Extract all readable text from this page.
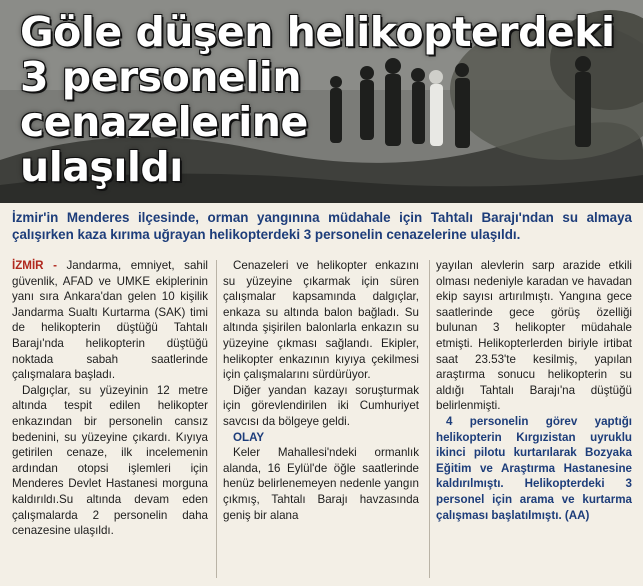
Göle düşen helikopterdeki
3 personelin
cenazelerine
ulaşıldı
İzmir'in Menderes ilçesinde, orman yangınına müdahale için Tahtalı Barajı'ndan su almaya çalışırken kaza kırıma uğrayan helikopterdeki 3 personelin cenazelerine ulaşıldı.

İZMİR - Jandarma, emniyet, sahil güvenlik, AFAD ve UMKE ekiplerinin yanı sıra Ankara'dan gelen 10 kişilik Jandarma Sualtı Kurtarma (SAK) timi de helikopterin düştüğü Tahtalı Barajı'nda helikopterin düştüğü noktada sabah saatlerinde çalışmalara başladı.

Dalgıçlar, su yüzeyinin 12 metre altında tespit edilen helikopter enkazından bir personelin cansız bedenini, su yüzeyine çıkardı. Kıyıya getirilen cenaze, ilk incelemenin ardından otopsi işlemleri için Menderes Devlet Hastanesi morguna kaldırıldı.Su altında devam eden çalışmalarda 2 personelin daha cenazesine ulaşıldı.

Cenazeleri ve helikopter enkazını su yüzeyine çıkarmak için süren çalışmalar kapsamında dalgıçlar, enkaza su altında balon bağladı. Su altında şişirilen balonlarla enkazın su yüzeyine çıkması sağlandı. Ekipler, helikopter enkazının kıyıya çekilmesi için çalışmalarını sürdürüyor.

Diğer yandan kazayı soruşturmak için görevlendirilen iki Cumhuriyet savcısı da bölgeye geldi.

OLAY

Keler Mahallesi'ndeki ormanlık alanda, 16 Eylül'de öğle saatlerinde henüz belirlenemeyen nedenle yangın çıkmış, Tahtalı Barajı havzasında geniş bir alana

yayılan alevlerin sarp arazide etkili olması nedeniyle karadan ve havadan ekip sayısı artırılmıştı. Yangına gece saatlerinde gece görüş özelliği bulunan 3 helikopter müdahale etmişti. Helikopterlerden biriyle irtibat saat 23.53'te kesilmiş, yapılan araştırma sonucu helikopterin su aldığı Tahtalı Barajı'na düştüğü belirlenmişti.

4 personelin görev yaptığı helikopterin Kırgızistan uyruklu ikinci pilotu kurtarılarak Bozyaka Eğitim ve Araştırma Hastanesine kaldırılmıştı. Helikopterdeki 3 personel için arama ve kurtarma çalışması başlatılmıştı. (AA)
